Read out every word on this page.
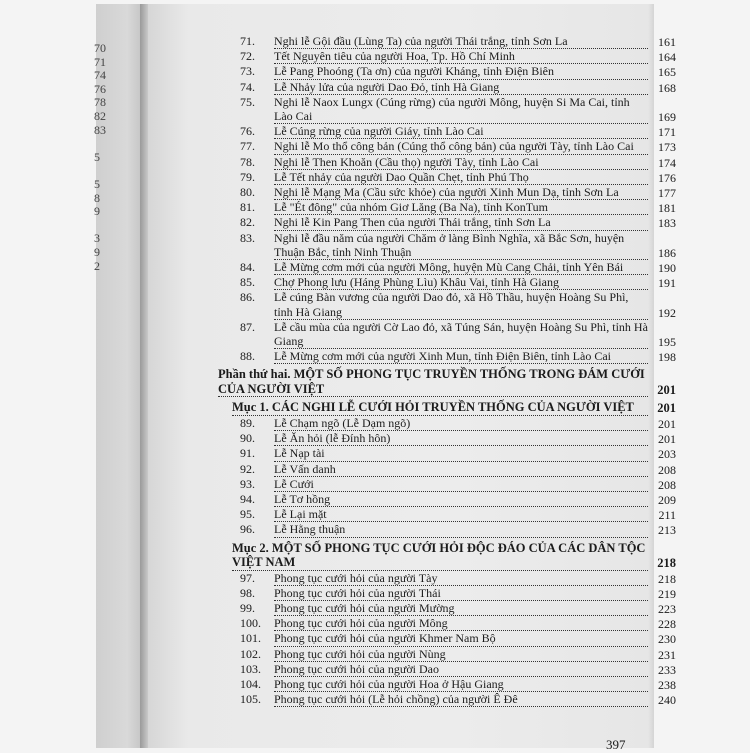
70
71
74
76
78
82
83
5
5
8
9
3
9
2
71.	Nghi lễ Gội đầu (Lùng Ta) của người Thái trắng, tỉnh Sơn La	161
72.	Tết Nguyên tiêu của người Hoa, Tp. Hồ Chí Minh	164
73.	Lễ Pang Phoóng (Ta ơn) của người Kháng, tỉnh Điện Biên	165
74.	Lễ Nhảy lửa của người Dao Đỏ, tỉnh Hà Giang	168
75.	Nghi lễ Naox Lungx (Cúng rừng) của người Mông, huyện Si Ma Cai, tỉnh Lào Cai	169
76.	Lễ Cúng rừng của người Giáy, tỉnh Lào Cai	171
77.	Nghi lễ Mo thổ công bản (Cúng thổ công bản) của người Tày, tỉnh Lào Cai	173
78.	Nghi lễ Then Khoăn (Cầu thọ) người Tày, tỉnh Lào Cai	174
79.	Lễ Tết nhảy của người Dao Quần Chẹt, tỉnh Phú Thọ	176
80.	Nghi lễ Mạng Ma (Cầu sức khỏe) của người Xinh Mun Dạ, tỉnh Sơn La	177
81.	Lễ "Ét đông" của nhóm Giơ Lăng (Ba Na), tỉnh KonTum	181
82.	Nghi lễ Kin Pang Then của người Thái trắng, tỉnh Sơn La	183
83.	Nghi lễ đầu năm của người Chăm ở làng Bình Nghĩa, xã Bắc Sơn, huyện Thuận Bắc, tỉnh Ninh Thuận	186
84.	Lễ Mừng cơm mới của người Mông, huyện Mù Cang Chải, tỉnh Yên Bái	190
85.	Chợ Phong lưu (Háng Phùng Lìu) Khâu Vai, tỉnh Hà Giang	191
86.	Lễ cúng Bàn vương của người Dao đỏ, xã Hồ Thầu, huyện Hoàng Su Phì, tỉnh Hà Giang	192
87.	Lễ cầu mùa của người Cờ Lao đỏ, xã Túng Sán, huyện Hoàng Su Phì, tỉnh Hà Giang	195
88.	Lễ Mừng cơm mới của người Xinh Mun, tỉnh Điện Biên, tỉnh Lào Cai	198
Phần thứ hai. MỘT SỐ PHONG TỤC TRUYỀN THỐNG TRONG ĐÁM CƯỚI CỦA NGƯỜI VIỆT	201
Mục 1. CÁC NGHI LỄ CƯỚI HỎI TRUYỀN THỐNG CỦA NGƯỜI VIỆT	201
89.	Lễ Chạm ngõ (Lễ Dạm ngõ)	201
90.	Lễ Ăn hỏi (lễ Đính hôn)	201
91.	Lễ Nạp tài	203
92.	Lễ Vấn danh	208
93.	Lễ Cưới	208
94.	Lễ Tơ hồng	209
95.	Lễ Lại mặt	211
96.	Lễ Hằng thuận	213
Mục 2. MỘT SỐ PHONG TỤC CƯỚI HỎI ĐỘC ĐÁO CỦA CÁC DÂN TỘC VIỆT NAM	218
97.	Phong tục cưới hỏi của người Tày	218
98.	Phong tục cưới hỏi của người Thái	219
99.	Phong tục cưới hỏi của người Mường	223
100.	Phong tục cưới hỏi của người Mông	228
101.	Phong tục cưới hỏi của người Khmer Nam Bộ	230
102.	Phong tục cưới hỏi của người Nùng	231
103.	Phong tục cưới hỏi của người Dao	233
104.	Phong tục cưới hỏi của người Hoa ở Hậu Giang	238
105.	Phong tục cưới hỏi (Lễ hỏi chồng) của người Ê Đê	240
397
